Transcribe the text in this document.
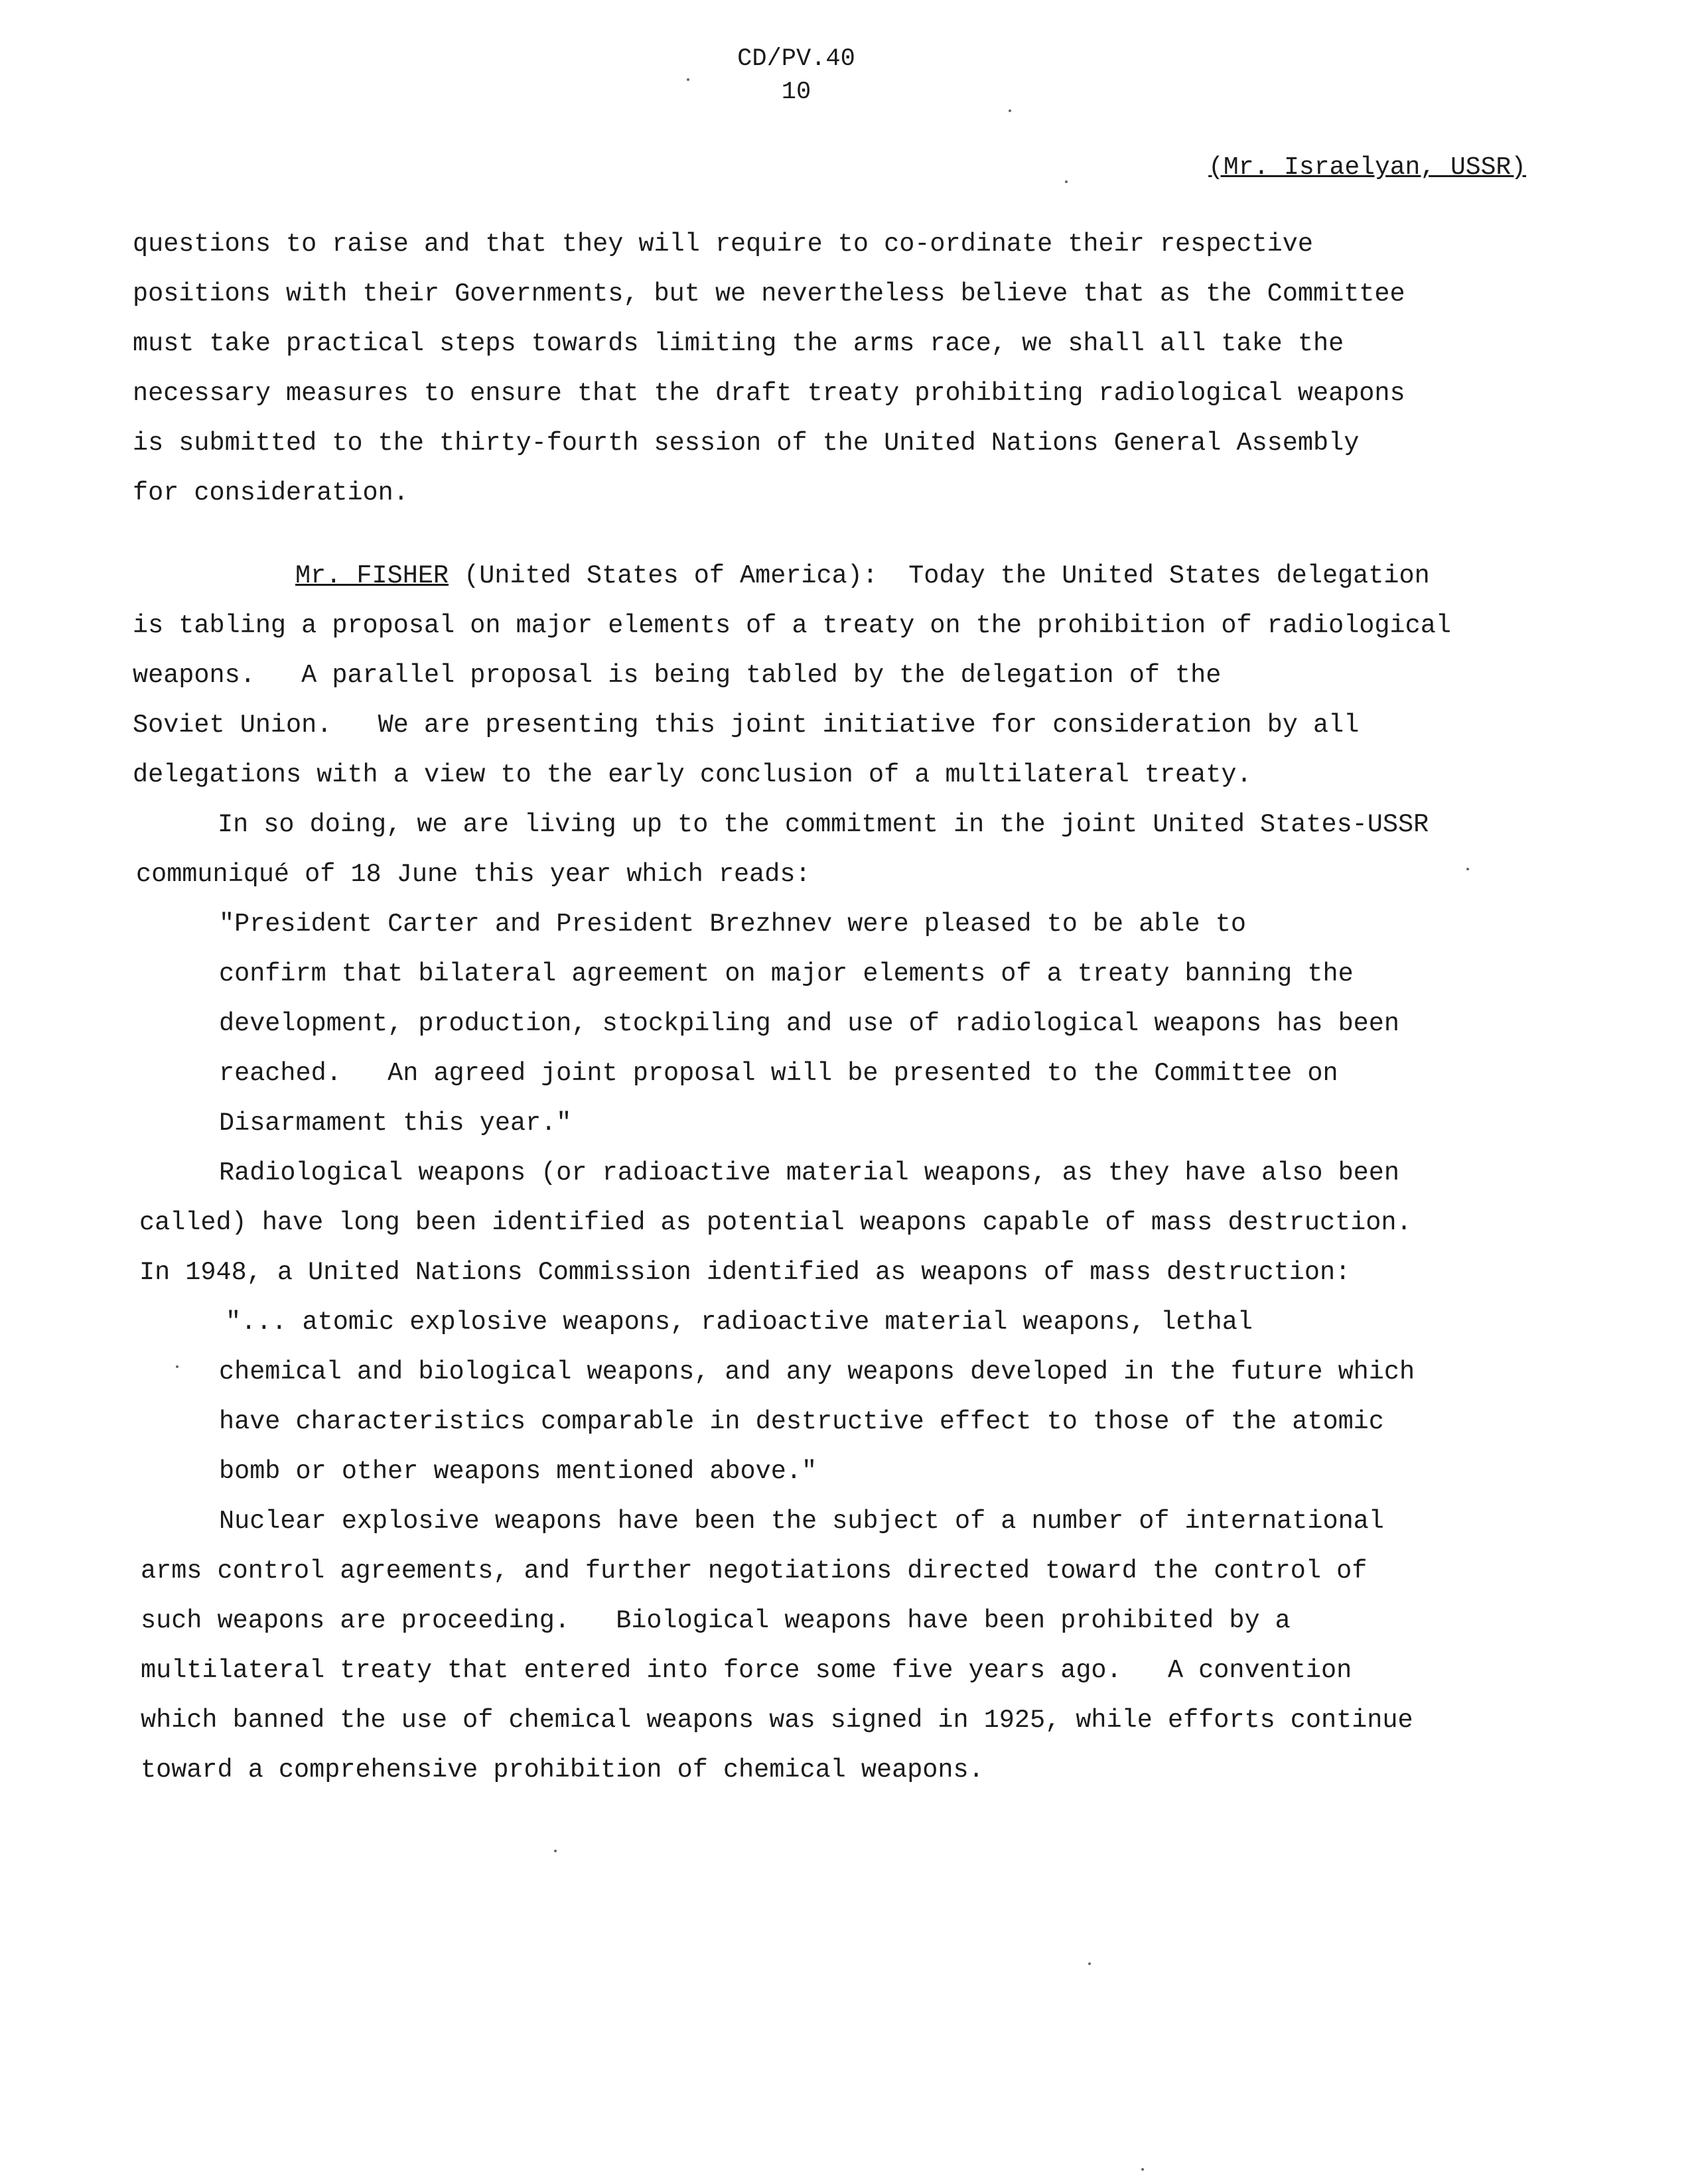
CD/PV.40
10
(Mr. Israelyan, USSR)
questions to raise and that they will require to co-ordinate their respective
positions with their Governments, but we nevertheless believe that as the Committee
must take practical steps towards limiting the arms race, we shall all take the
necessary measures to ensure that the draft treaty prohibiting radiological weapons
is submitted to the thirty-fourth session of the United Nations General Assembly
for consideration.
Mr. FISHER (United States of America):  Today the United States delegation
is tabling a proposal on major elements of a treaty on the prohibition of radiological
weapons.   A parallel proposal is being tabled by the delegation of the
Soviet Union.   We are presenting this joint initiative for consideration by all
delegations with a view to the early conclusion of a multilateral treaty.
In so doing, we are living up to the commitment in the joint United States-USSR
communiqué of 18 June this year which reads:
"President Carter and President Brezhnev were pleased to be able to
confirm that bilateral agreement on major elements of a treaty banning the
development, production, stockpiling and use of radiological weapons has been
reached.   An agreed joint proposal will be presented to the Committee on
Disarmament this year."
Radiological weapons (or radioactive material weapons, as they have also been
called) have long been identified as potential weapons capable of mass destruction.
In 1948, a United Nations Commission identified as weapons of mass destruction:
"... atomic explosive weapons, radioactive material weapons, lethal
chemical and biological weapons, and any weapons developed in the future which
have characteristics comparable in destructive effect to those of the atomic
bomb or other weapons mentioned above."
Nuclear explosive weapons have been the subject of a number of international
arms control agreements, and further negotiations directed toward the control of
such weapons are proceeding.   Biological weapons have been prohibited by a
multilateral treaty that entered into force some five years ago.   A convention
which banned the use of chemical weapons was signed in 1925, while efforts continue
toward a comprehensive prohibition of chemical weapons.
